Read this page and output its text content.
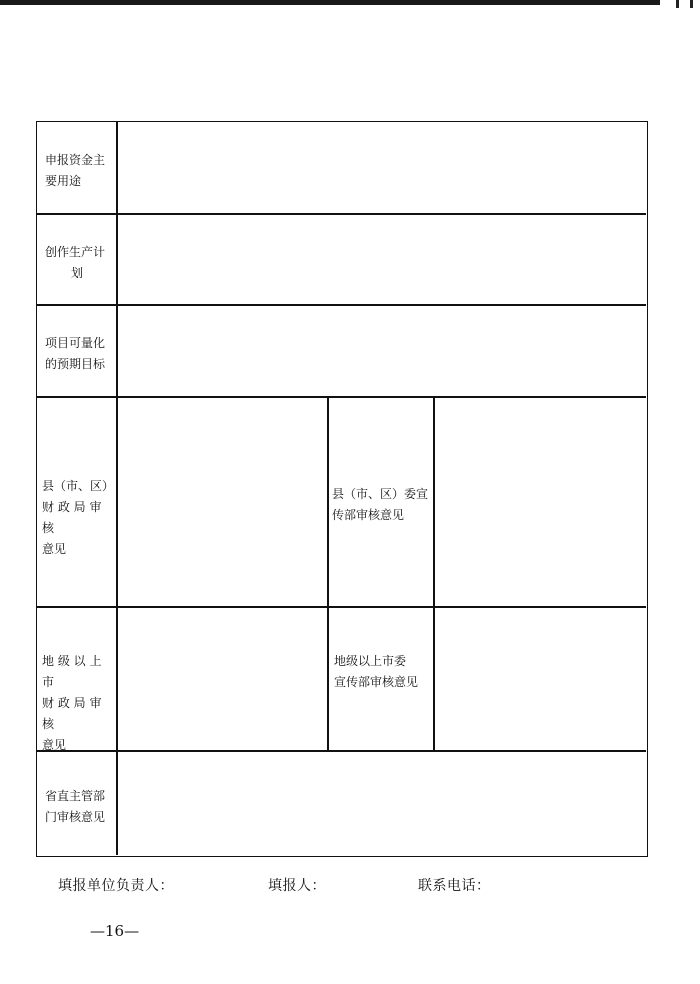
申报资金主
要用途
创作生产计
划
项目可量化
的预期目标
县（市、区）
财 政 局 审 核
意见
县（市、区）委宣
传部审核意见
地 级 以 上 市
财 政 局 审 核
意见
地级以上市委
宣传部审核意见
省直主管部
门审核意见
填报单位负责人：	填报人：	联系电话：
—16—
